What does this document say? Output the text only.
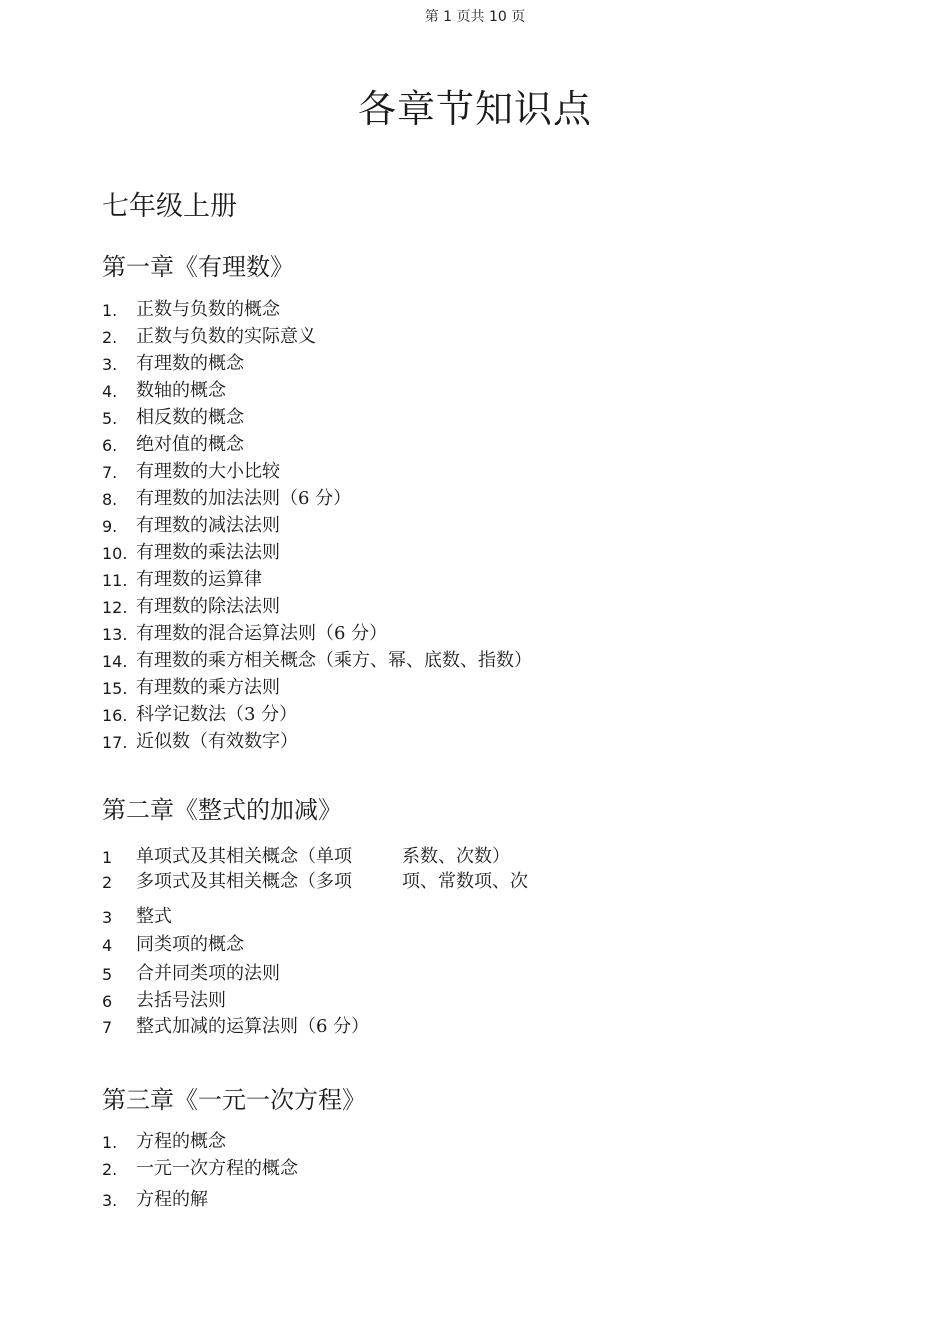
第 1 页共 10 页
各章节知识点
七年级上册
第一章《有理数》
1.	正数与负数的概念
2.	正数与负数的实际意义
3.	有理数的概念
4.	数轴的概念
5.	相反数的概念
6.	绝对值的概念
7.	有理数的大小比较
8.	有理数的加法法则（6 分）
9.	有理数的减法法则
10. 有理数的乘法法则
11. 有理数的运算律
12. 有理数的除法法则
13. 有理数的混合运算法则（6 分）
14. 有理数的乘方相关概念（乘方、幂、底数、指数）
15. 有理数的乘方法则
16. 科学记数法（3 分）
17. 近似数（有效数字）
第二章《整式的加减》
1	单项式及其相关概念（单项	系数、次数）
2	多项式及其相关概念（多项	项、常数项、次
3	整式
4	同类项的概念
5	合并同类项的法则
6	去括号法则
7	整式加减的运算法则（6 分）
第三章《一元一次方程》
1.	方程的概念
2.	一元一次方程的概念
3.	方程的解
